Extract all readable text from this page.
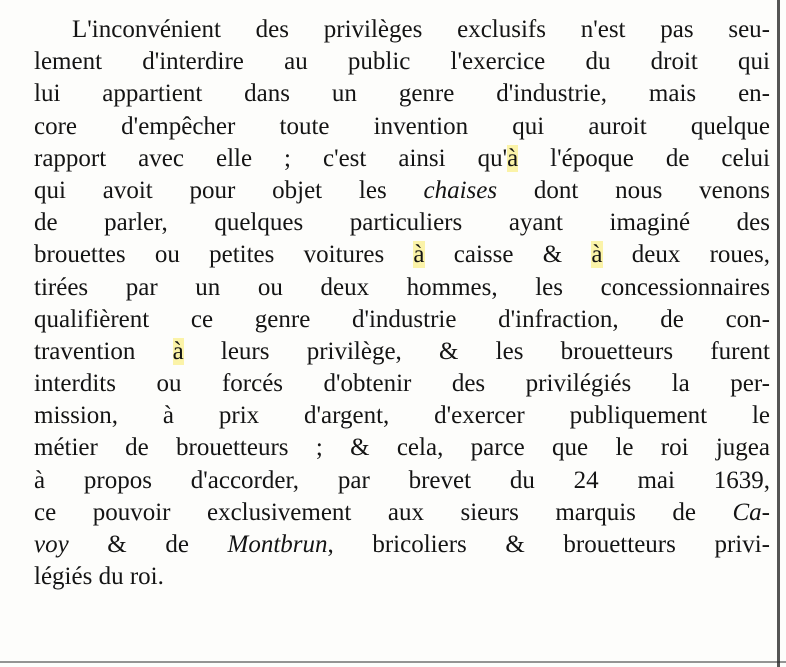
L'inconvénient des privilèges exclusifs n'est pas seu-
lement d'interdire au public l'exercice du droit qui
lui appartient dans un genre d'industrie, mais en-
core d'empêcher toute invention qui auroit quelque
rapport avec elle ; c'est ainsi qu'à l'époque de celui
qui avoit pour objet les chaises dont nous venons
de parler, quelques particuliers ayant imaginé des
brouettes ou petites voitures à caisse & à deux roues,
tirées par un ou deux hommes, les concessionnaires
qualifièrent ce genre d'industrie d'infraction, de con-
travention à leurs privilège, & les brouetteurs furent
interdits ou forcés d'obtenir des privilégiés la per-
mission, à prix d'argent, d'exercer publiquement le
métier de brouetteurs ; & cela, parce que le roi jugea
à propos d'accorder, par brevet du 24 mai 1639,
ce pouvoir exclusivement aux sieurs marquis de Ca-
voy & de Montbrun, bricoliers & brouetteurs privi-
légiés du roi.
